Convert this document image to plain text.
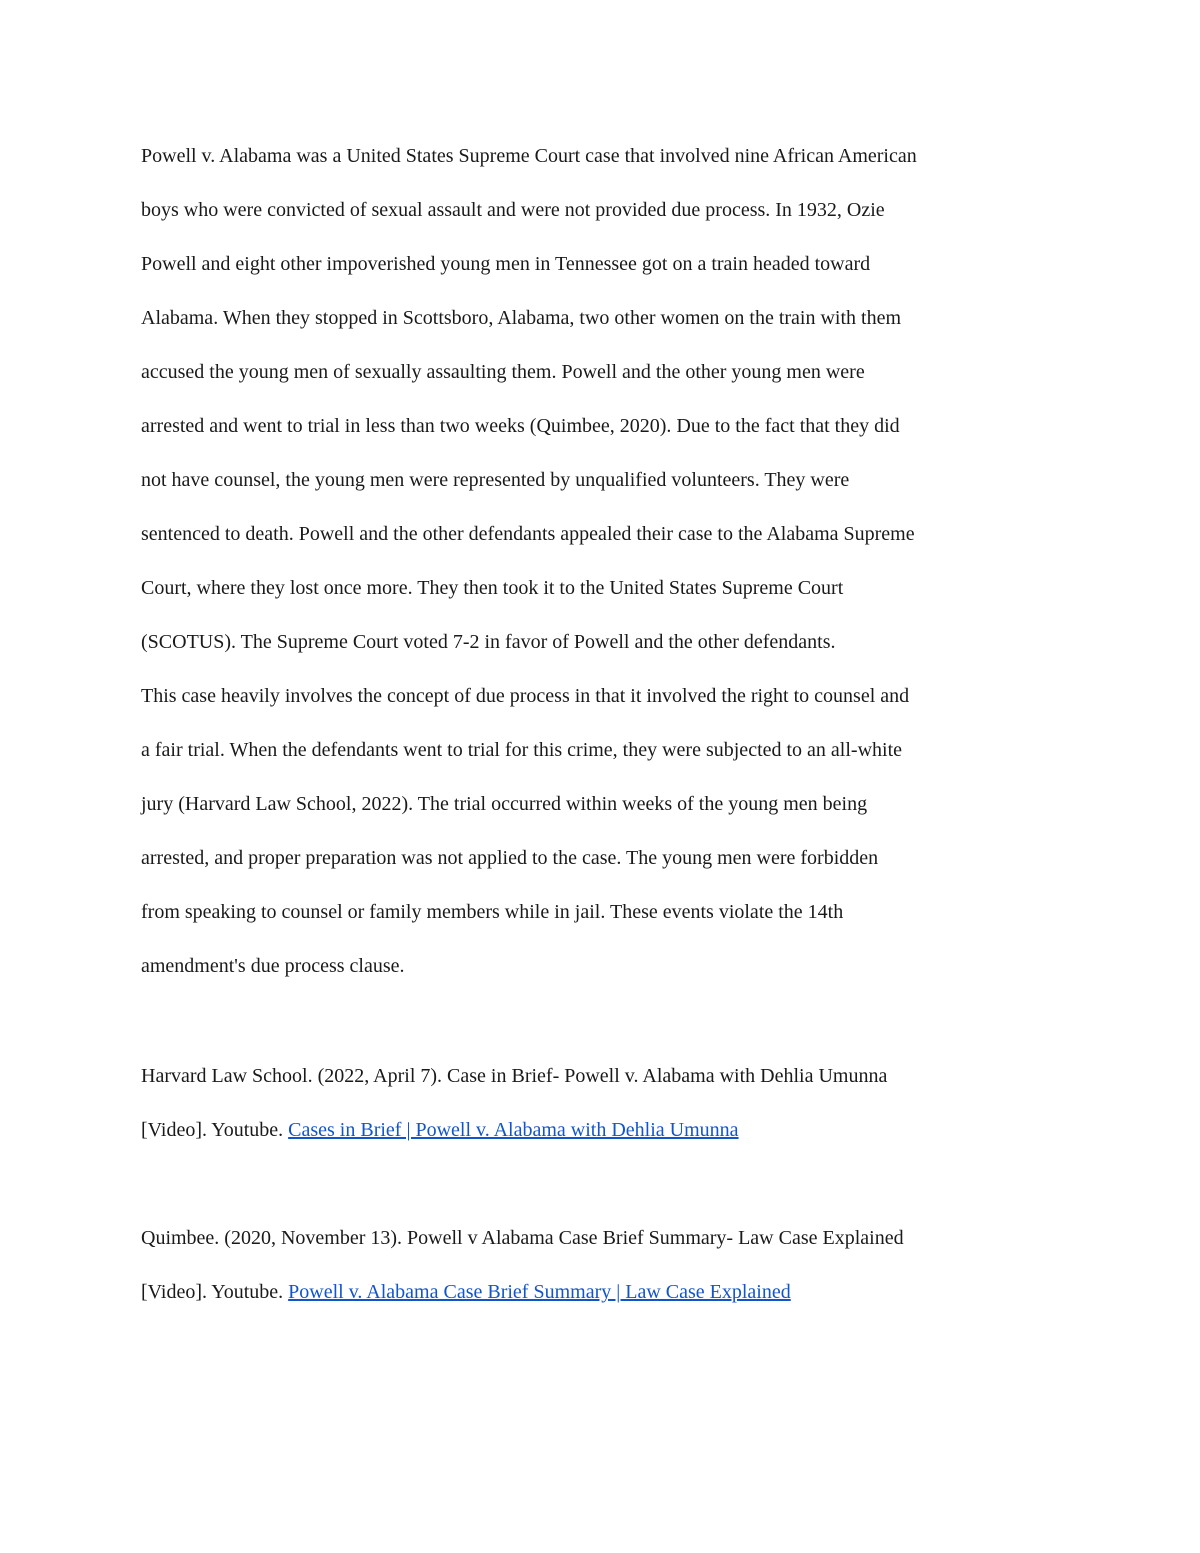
Powell v. Alabama was a United States Supreme Court case that involved nine African American
boys who were convicted of sexual assault and were not provided due process. In 1932, Ozie
Powell and eight other impoverished young men in Tennessee got on a train headed toward
Alabama. When they stopped in Scottsboro, Alabama, two other women on the train with them
accused the young men of sexually assaulting them. Powell and the other young men were
arrested and went to trial in less than two weeks (Quimbee, 2020). Due to the fact that they did
not have counsel, the young men were represented by unqualified volunteers. They were
sentenced to death. Powell and the other defendants appealed their case to the Alabama Supreme
Court, where they lost once more. They then took it to the United States Supreme Court
(SCOTUS). The Supreme Court voted 7-2 in favor of Powell and the other defendants.
This case heavily involves the concept of due process in that it involved the right to counsel and
a fair trial. When the defendants went to trial for this crime, they were subjected to an all-white
jury (Harvard Law School, 2022). The trial occurred within weeks of the young men being
arrested, and proper preparation was not applied to the case. The young men were forbidden
from speaking to counsel or family members while in jail. These events violate the 14th
amendment's due process clause.
Harvard Law School. (2022, April 7). Case in Brief- Powell v. Alabama with Dehlia Umunna
[Video]. Youtube. Cases in Brief | Powell v. Alabama with Dehlia Umunna
Quimbee. (2020, November 13). Powell v Alabama Case Brief Summary- Law Case Explained
[Video]. Youtube. Powell v. Alabama Case Brief Summary | Law Case Explained
